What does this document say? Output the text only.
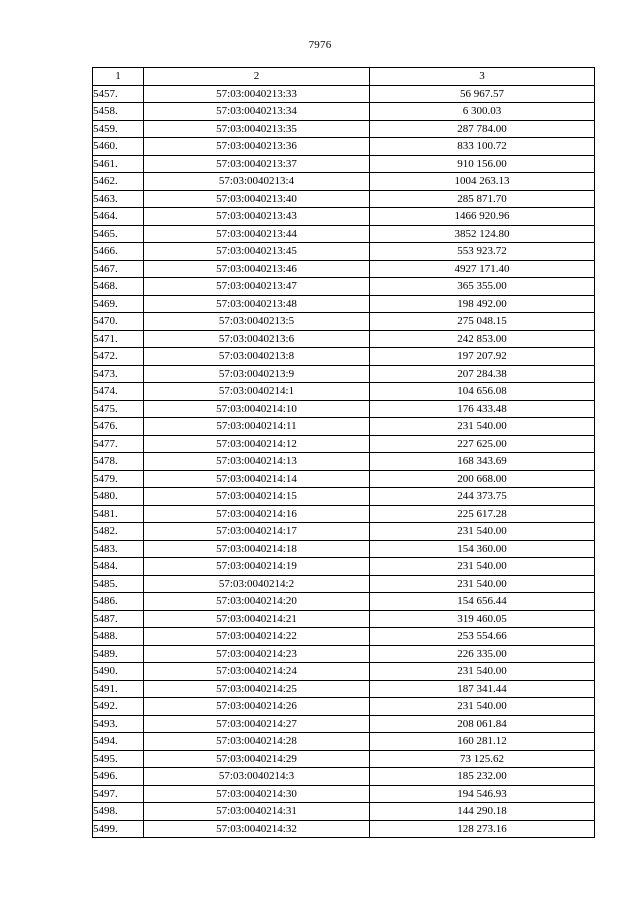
7976
1	2	3
5457.	57:03:0040213:33	56 967.57
5458.	57:03:0040213:34	6 300.03
5459.	57:03:0040213:35	287 784.00
5460.	57:03:0040213:36	833 100.72
5461.	57:03:0040213:37	910 156.00
5462.	57:03:0040213:4	1004 263.13
5463.	57:03:0040213:40	285 871.70
5464.	57:03:0040213:43	1466 920.96
5465.	57:03:0040213:44	3852 124.80
5466.	57:03:0040213:45	553 923.72
5467.	57:03:0040213:46	4927 171.40
5468.	57:03:0040213:47	365 355.00
5469.	57:03:0040213:48	198 492.00
5470.	57:03:0040213:5	275 048.15
5471.	57:03:0040213:6	242 853.00
5472.	57:03:0040213:8	197 207.92
5473.	57:03:0040213:9	207 284.38
5474.	57:03:0040214:1	104 656.08
5475.	57:03:0040214:10	176 433.48
5476.	57:03:0040214:11	231 540.00
5477.	57:03:0040214:12	227 625.00
5478.	57:03:0040214:13	168 343.69
5479.	57:03:0040214:14	200 668.00
5480.	57:03:0040214:15	244 373.75
5481.	57:03:0040214:16	225 617.28
5482.	57:03:0040214:17	231 540.00
5483.	57:03:0040214:18	154 360.00
5484.	57:03:0040214:19	231 540.00
5485.	57:03:0040214:2	231 540.00
5486.	57:03:0040214:20	154 656.44
5487.	57:03:0040214:21	319 460.05
5488.	57:03:0040214:22	253 554.66
5489.	57:03:0040214:23	226 335.00
5490.	57:03:0040214:24	231 540.00
5491.	57:03:0040214:25	187 341.44
5492.	57:03:0040214:26	231 540.00
5493.	57:03:0040214:27	208 061.84
5494.	57:03:0040214:28	160 281.12
5495.	57:03:0040214:29	73 125.62
5496.	57:03:0040214:3	185 232.00
5497.	57:03:0040214:30	194 546.93
5498.	57:03:0040214:31	144 290.18
5499.	57:03:0040214:32	128 273.16
